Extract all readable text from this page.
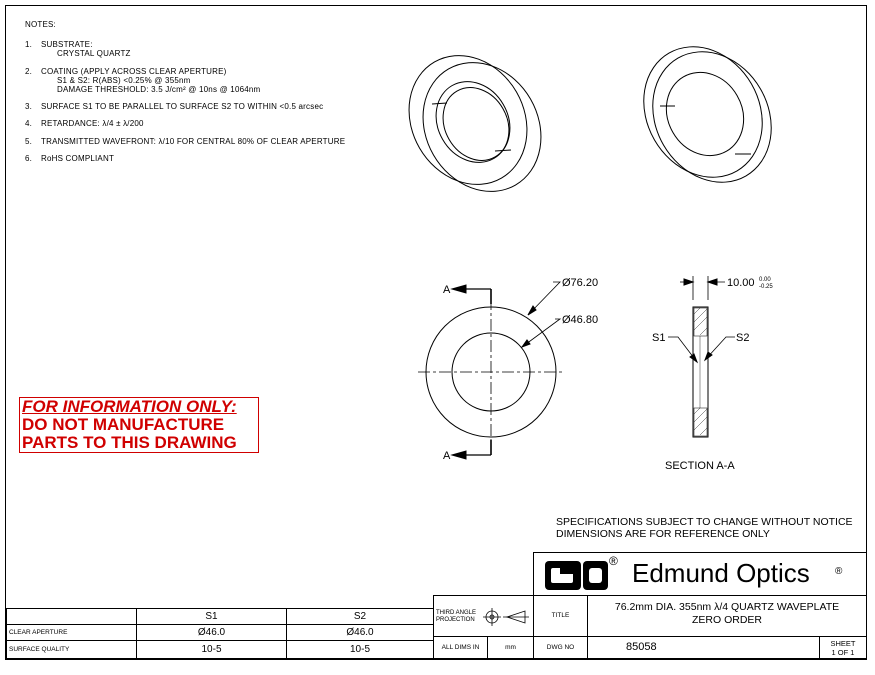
NOTES:
1. SUBSTRATE:
CRYSTAL QUARTZ
2. COATING (APPLY ACROSS CLEAR APERTURE)
S1 & S2: R(ABS) <0.25% @ 355nm
DAMAGE THRESHOLD: 3.5 J/cm² @ 10ns @ 1064nm
3. SURFACE S1 TO BE PARALLEL TO SURFACE S2 TO WITHIN <0.5 arcsec
4. RETARDANCE: λ/4 ± λ/200
5. TRANSMITTED WAVEFRONT: λ/10 FOR CENTRAL 80% OF CLEAR APERTURE
6. RoHS COMPLIANT
FOR INFORMATION ONLY:
DO NOT MANUFACTURE
PARTS TO THIS DRAWING
A
A
Ø76.20
Ø46.80
10.00 0.00
-0.25
S1	S2
SECTION A-A
®
SPECIFICATIONS SUBJECT TO CHANGE WITHOUT NOTICE
DIMENSIONS ARE FOR REFERENCE ONLY
S1	S2
CLEAR APERTURE	Ø46.0	Ø46.0
SURFACE QUALITY	10-5	10-5
Edmund Optics	®
THIRD ANGLE PROJECTION
TITLE
76.2mm DIA. 355nm λ/4 QUARTZ WAVEPLATE
ZERO ORDER
ALL DIMS IN	mm	DWG NO	85058	SHEET
1 OF 1
